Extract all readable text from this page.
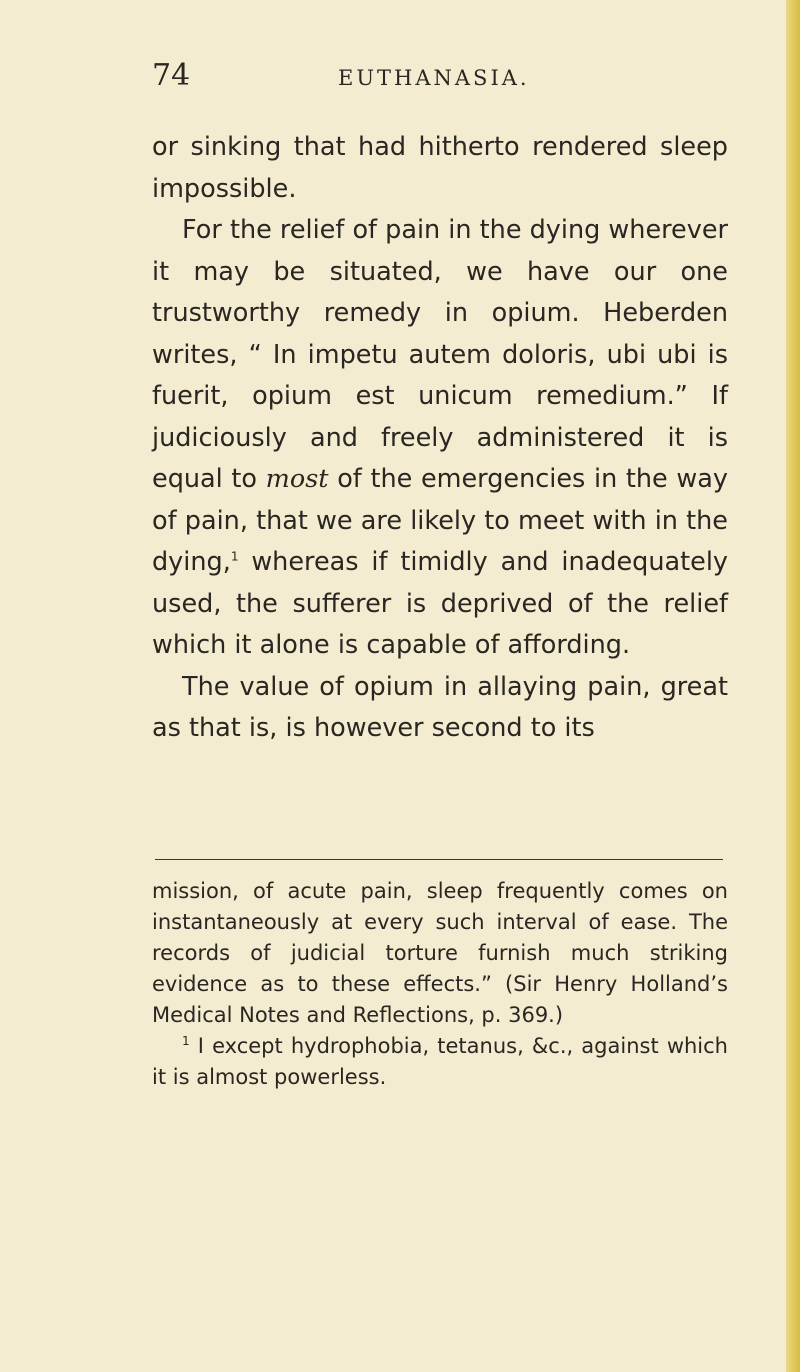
74	EUTHANASIA.

or sinking that had hitherto rendered sleep impossible.

For the relief of pain in the dying wherever it may be situated, we have our one trustworthy remedy in opium. Heberden writes, “ In impetu autem doloris, ubi ubi is fuerit, opium est unicum remedium.” If judiciously and freely administered it is equal to most of the emergencies in the way of pain, that we are likely to meet with in the dying,$^1$ whereas if timidly and inadequately used, the sufferer is deprived of the relief which it alone is capable of affording.

The value of opium in allaying pain, great as that is, is however second to its

mission, of acute pain, sleep frequently comes on instantaneously at every such interval of ease. The records of judicial torture furnish much striking evidence as to these effects.” (Sir Henry Holland’s Medical Notes and Reflections, p. 369.)

$^1$ I except hydrophobia, tetanus, &c., against which it is almost powerless.
